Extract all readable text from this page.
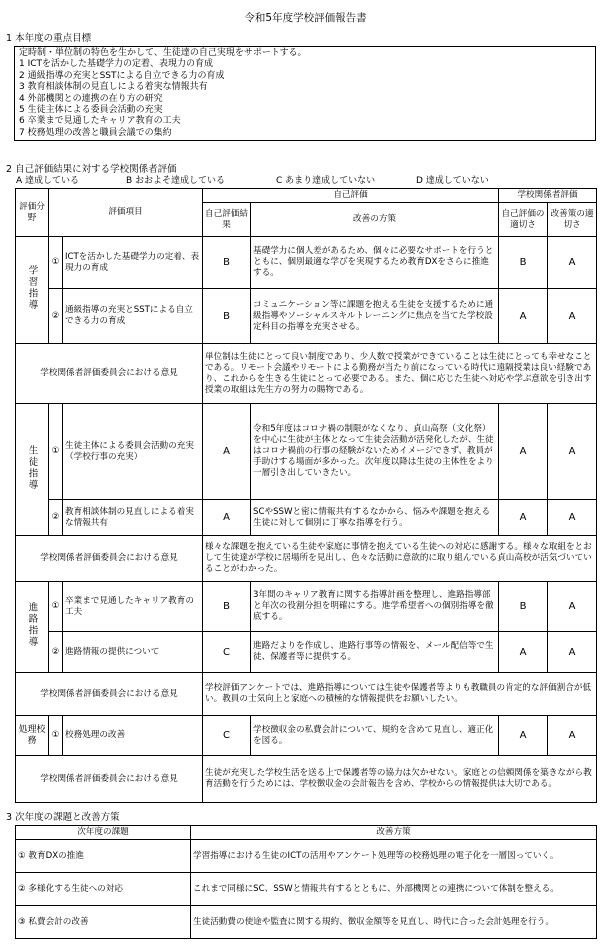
令和5年度学校評価報告書
1 本年度の重点目標
定時制・単位制の特色を生かして、生徒達の自己実現をサポートする。
1 ICTを活かした基礎学力の定着、表現力の育成
2 通級指導の充実とSSTによる自立できる力の育成
3 教育相談体制の見直しによる着実な情報共有
4 外部機関との連携の在り方の研究
5 生徒主体による委員会活動の充実
6 卒業まで見通したキャリア教育の工夫
7 校務処理の改善と職員会議での集約
2 自己評価結果に対する学校関係者評価
A 達成している	B おおよそ達成している	C あまり達成していない	D 達成していない
評価分野	評価項目		自己評価		学校関係者評価	
			自己評価結果	改善の方策	自己評価の適切さ	改善策の適切さ
学習指導	①	ICTを活かした基礎学力の定着、表現力の育成	B	基礎学力に個人差があるため、個々に必要なサポートを行うとともに、個別最適な学びを実現するため教育DXをさらに推進する。	B	A
	②	通級指導の充実とSSTによる自立できる力の育成	B	コミュニケーション等に課題を抱える生徒を支援するために通級指導やソーシャルスキルトレーニングに焦点を当てた学校設定科目の指導を充実させる。	A	A
学校関係者評価委員会における意見			単位制は生徒にとって良い制度であり、少人数で授業ができていることは生徒にとっても幸せなことである。リモート会議やリモートによる勤務が当たり前になっている時代に遠隔授業は良い経験であり、これからを生きる生徒にとって必要である。また、個に応じた生徒へ対応や学ぶ意欲を引き出す授業の取組は先生方の努力の賜物である。			
生徒指導	①	生徒主体による委員会活動の充実（学校行事の充実）	A	令和5年度はコロナ禍の制限がなくなり、貞山高祭（文化祭）を中心に生徒が主体となって生徒会活動が活発化したが、生徒はコロナ禍前の行事の経験がないためイメージできず、教員が手助けする場面が多かった。次年度以降は生徒の主体性をより一層引き出していきたい。	A	A
	②	教育相談体制の見直しによる着実な情報共有	A	SCやSSWと密に情報共有するなかから、悩みや課題を抱える生徒に対して個別に丁寧な指導を行う。	A	A
学校関係者評価委員会における意見			様々な課題を抱えている生徒や家庭に事情を抱えている生徒への対応に感謝する。様々な取組をとおして生徒達が学校に居場所を見出し、色々な活動に意欲的に取り組んでいる貞山高校が活気づいていることがわかった。			
進路指導	①	卒業まで見通したキャリア教育の工夫	B	3年間のキャリア教育に関する指導計画を整理し、進路指導部と年次の役割分担を明確にする。進学希望者への個別指導を徹底する。	B	A
	②	進路情報の提供について	C	進路だよりを作成し、進路行事等の情報を、メール配信等で生徒、保護者等に提供する。	A	A
学校関係者評価委員会における意見			学校評価アンケートでは、進路指導については生徒や保護者等よりも教職員の肯定的な評価割合が低い。教員の士気向上と家庭への積極的な情報提供をお願いしたい。			
処理校務	①	校務処理の改善	C	学校徴収金の私費会計について、規約を含めて見直し、適正化を図る。	A	A
学校関係者評価委員会における意見			生徒が充実した学校生活を送る上で保護者等の協力は欠かせない。家庭との信頼関係を築きながら教育活動を行うためには、学校徴収金の会計報告を含め、学校からの情報提供は大切である。			
3 次年度の課題と改善方策
次年度の課題	改善方策
① 教育DXの推進	学習指導における生徒のICTの活用やアンケート処理等の校務処理の電子化を一層図っていく。
② 多様化する生徒への対応	これまで同様にSC、SSWと情報共有するとともに、外部機関との連携について体制を整える。
③ 私費会計の改善	生徒活動費の使途や監査に関する規約、徴収金額等を見直し、時代に合った会計処理を行う。
